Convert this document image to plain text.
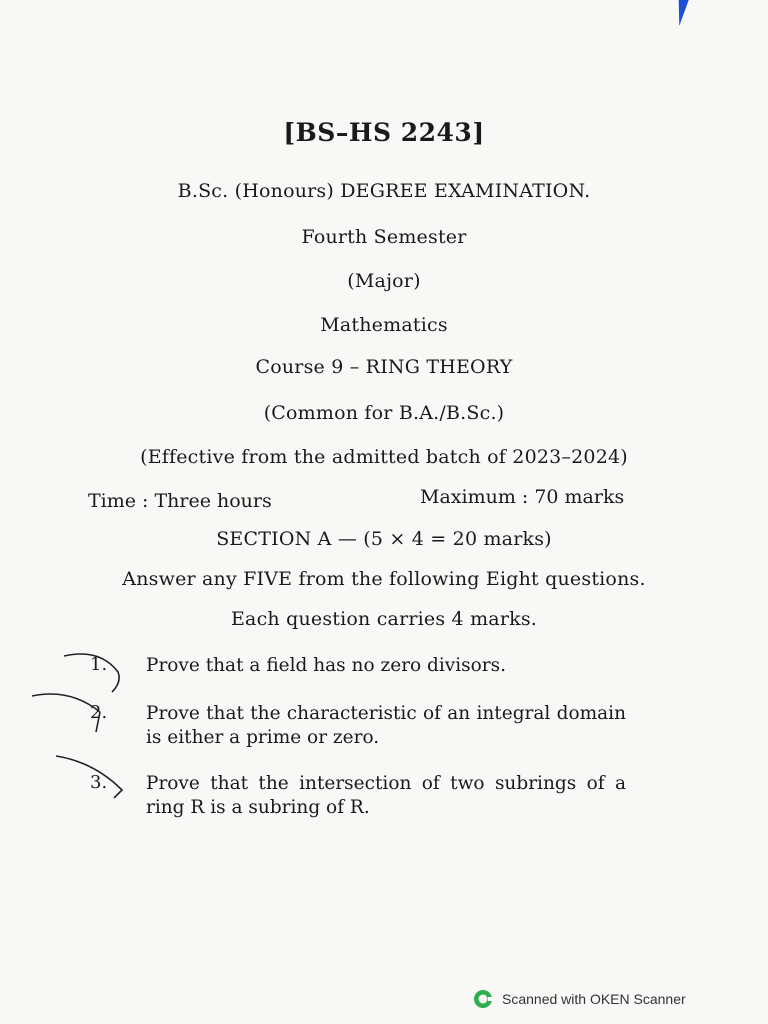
[BS–HS 2243]
B.Sc. (Honours) DEGREE EXAMINATION.
Fourth Semester
(Major)
Mathematics
Course 9 – RING THEORY
(Common for B.A./B.Sc.)
(Effective from the admitted batch of 2023–2024)
Time : Three hours	Maximum : 70 marks
SECTION A — (5 × 4 = 20 marks)
Answer any FIVE from the following Eight questions.
Each question carries 4 marks.
1. Prove that a field has no zero divisors.
2. Prove that the characteristic of an integral domain is either a prime or zero.
3. Prove that the intersection of two subrings of a ring R is a subring of R.
Scanned with OKEN Scanner
